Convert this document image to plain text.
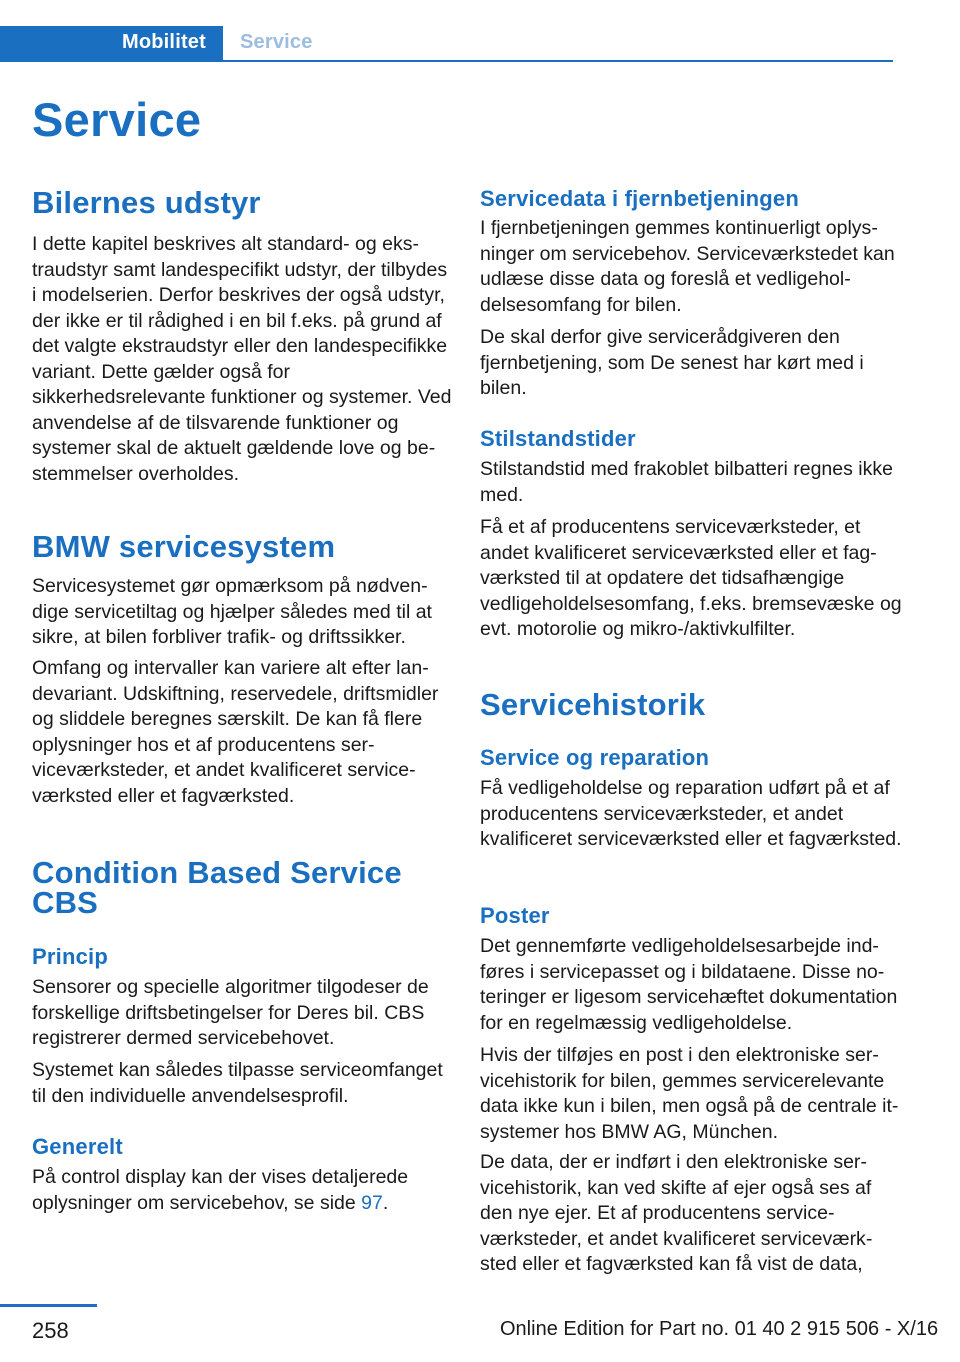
Mobilitet	Service
Service
Bilernes udstyr

I dette kapitel beskrives alt standard- og ekstraudstyr samt landespecifikt udstyr, der tilbydes i modelserien. Derfor beskrives der også udstyr, der ikke er til rådighed i en bil f.eks. på grund af det valgte ekstraudstyr eller den landespecifikke variant. Dette gælder også for sikkerhedsrelevante funktioner og systemer. Ved anvendelse af de tilsvarende funktioner og systemer skal de aktuelt gældende love og bestemmelser overholdes.

BMW servicesystem

Servicesystemet gør opmærksom på nødvendige servicetiltag og hjælper således med til at sikre, at bilen forbliver trafik- og driftssikker.

Omfang og intervaller kan variere alt efter landevariant. Udskiftning, reservedele, driftsmidler og sliddele beregnes særskilt. De kan få flere oplysninger hos et af producentens serviceværksteder, et andet kvalificeret serviceværksted eller et fagværksted.

Condition Based Service CBS
Princip

Sensorer og specielle algoritmer tilgodeser de forskellige driftsbetingelser for Deres bil. CBS registrerer dermed servicebehovet.

Systemet kan således tilpasse serviceomfanget til den individuelle anvendelsesprofil.

Generelt

På control display kan der vises detaljerede oplysninger om servicebehov, se side 97.

Servicedata i fjernbetjeningen

I fjernbetjeningen gemmes kontinuerligt oplysninger om servicebehov. Serviceværkstedet kan udlæse disse data og foreslå et vedligeholdelsesomfang for bilen.

De skal derfor give servicerådgiveren den fjernbetjening, som De senest har kørt med i bilen.

Stilstandstider

Stilstandstid med frakoblet bilbatteri regnes ikke med.

Få et af producentens serviceværksteder, et andet kvalificeret serviceværksted eller et fagværksted til at opdatere det tidsafhængige vedligeholdelsesomfang, f.eks. bremsevæske og evt. motorolie og mikro-/aktivkulfilter.

Servicehistorik
Service og reparation

Få vedligeholdelse og reparation udført på et af producentens serviceværksteder, et andet kvalificeret serviceværksted eller et fagværksted.

Poster

Det gennemførte vedligeholdelsesarbejde indføres i servicepasset og i bildataene. Disse noteringer er ligesom servicehæftet dokumentation for en regelmæssig vedligeholdelse.

Hvis der tilføjes en post i den elektroniske servicehistorik for bilen, gemmes servicerelevante data ikke kun i bilen, men også på de centrale it-systemer hos BMW AG, München.

De data, der er indført i den elektroniske servicehistorik, kan ved skifte af ejer også ses af den nye ejer. Et af producentens serviceværksteder, et andet kvalificeret serviceværksted eller et fagværksted kan få vist de data,

258	Online Edition for Part no. 01 40 2 915 506 - X/16
